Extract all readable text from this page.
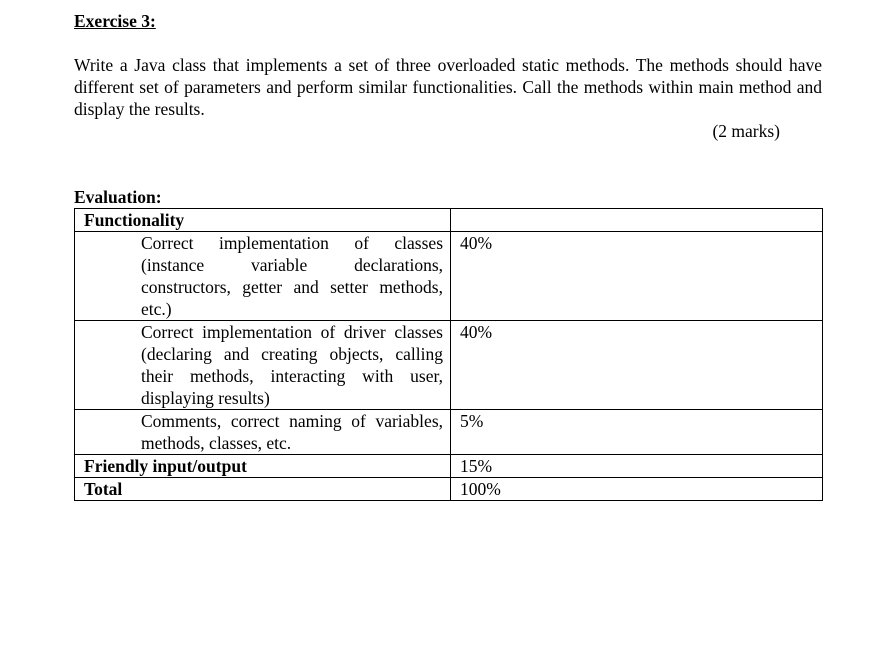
Exercise 3:

Write a Java class that implements a set of three overloaded static methods. The methods should have different set of parameters and perform similar functionalities. Call the methods within main method and display the results.

(2 marks)

Evaluation:

Functionality	

Correct implementation of classes (instance variable declarations, constructors, getter and setter methods, etc.)	40%

Correct implementation of driver classes (declaring and creating objects, calling their methods, interacting with user, displaying results)	40%

Comments, correct naming of variables, methods, classes, etc.	5%
Friendly input/output	15%
Total	100%
